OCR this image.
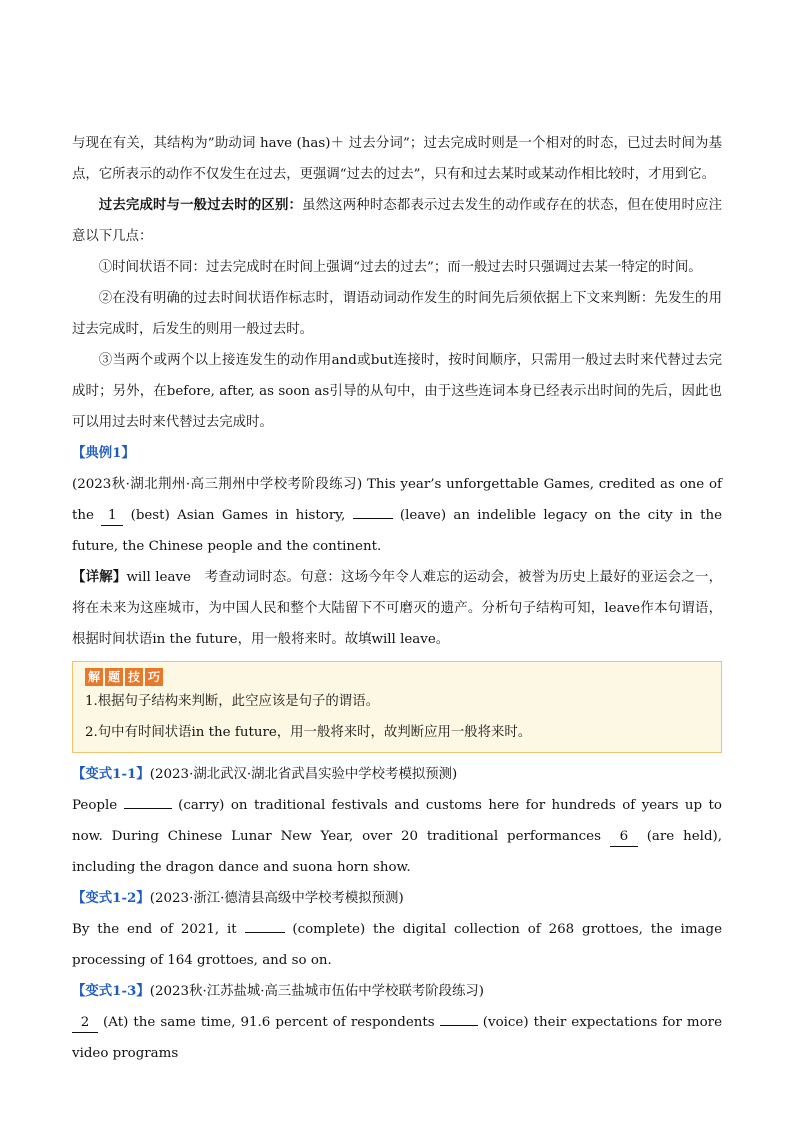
与现在有关，其结构为”助动词 have (has)＋ 过去分词”；过去完成时则是一个相对的时态，已过去时间为基点，它所表示的动作不仅发生在过去，更强调“过去的过去”，只有和过去某时或某动作相比较时，才用到它。

过去完成时与一般过去时的区别：虽然这两种时态都表示过去发生的动作或存在的状态，但在使用时应注意以下几点：

①时间状语不同：过去完成时在时间上强调“过去的过去”；而一般过去时只强调过去某一特定的时间。

②在没有明确的过去时间状语作标志时，谓语动词动作发生的时间先后须依据上下文来判断：先发生的用过去完成时，后发生的则用一般过去时。

③当两个或两个以上接连发生的动作用and或but连接时，按时间顺序，只需用一般过去时来代替过去完成时；另外，在before, after, as soon as引导的从句中，由于这些连词本身已经表示出时间的先后，因此也可以用过去时来代替过去完成时。

【典例1】

(2023秋·湖北荆州·高三荆州中学校考阶段练习) This year’s unforgettable Games, credited as one of the 1 (best) Asian Games in history,	(leave) an indelible legacy on the city in the future, the Chinese people and the continent.

【详解】will leave　考查动词时态。句意：这场今年令人难忘的运动会，被誉为历史上最好的亚运会之一，将在未来为这座城市，为中国人民和整个大陆留下不可磨灭的遗产。分析句子结构可知，leave作本句谓语，根据时间状语in the future，用一般将来时。故填will leave。

解 题 技 巧

1.根据句子结构来判断，此空应该是句子的谓语。

2.句中有时间状语in the future，用一般将来时，故判断应用一般将来时。

【变式1-1】(2023·湖北武汉·湖北省武昌实验中学校考模拟预测)

People	(carry) on traditional festivals and customs here for hundreds of years up to now. During Chinese Lunar New Year, over 20 traditional performances 6 (are held), including the dragon dance and suona horn show.

【变式1-2】(2023·浙江·德清县高级中学校考模拟预测)

By the end of 2021, it	(complete) the digital collection of 268 grottoes, the image processing of 164 grottoes, and so on.

【变式1-3】(2023秋·江苏盐城·高三盐城市伍佑中学校联考阶段练习)

2 (At) the same time, 91.6 percent of respondents	(voice) their expectations for more video programs
